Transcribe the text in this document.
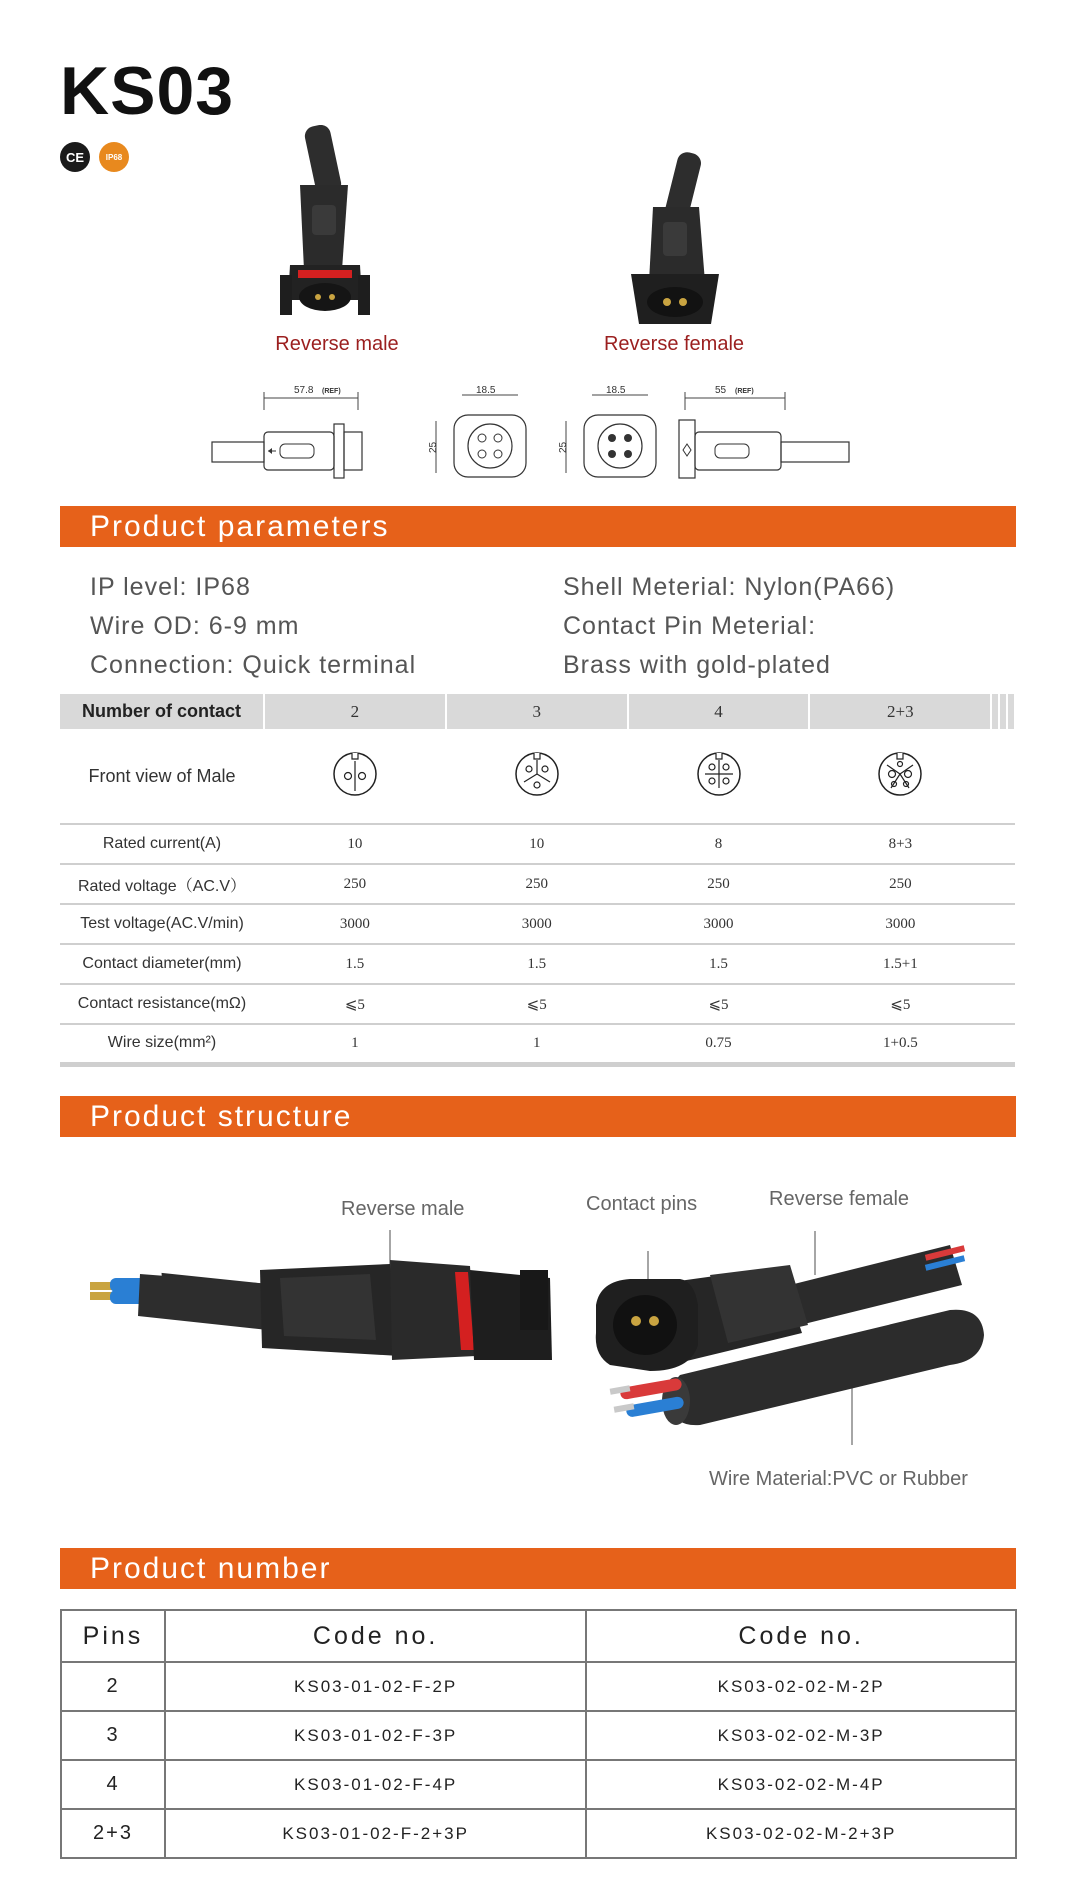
KS03
CE	IP68
Reverse male	Reverse female
57.8 (REF)	18.5
25
18.5
25
55 (REF)
Product parameters
IP level: IP68
Wire OD: 6-9 mm
Connection: Quick terminal
Shell Meterial: Nylon(PA66)
Contact Pin Meterial:
Brass with gold-plated
Number of contact	2	3	4	2+3			
Front view of Male							
Rated current(A)	10	10	8	8+3			
Rated voltage（AC.V）	250	250	250	250			
Test voltage(AC.V/min)	3000	3000	3000	3000			
Contact diameter(mm)	1.5	1.5	1.5	1.5+1			
Contact resistance(mΩ)	⩽5	⩽5	⩽5	⩽5			
Wire size(mm²)	1	1	0.75	1+0.5			
Product structure
Reverse male	Contact pins	Reverse female
Wire Material:PVC or Rubber
Product number
Pins	Code no.	Code no.
2	KS03-01-02-F-2P	KS03-02-02-M-2P
3	KS03-01-02-F-3P	KS03-02-02-M-3P
4	KS03-01-02-F-4P	KS03-02-02-M-4P
2+3	KS03-01-02-F-2+3P	KS03-02-02-M-2+3P
